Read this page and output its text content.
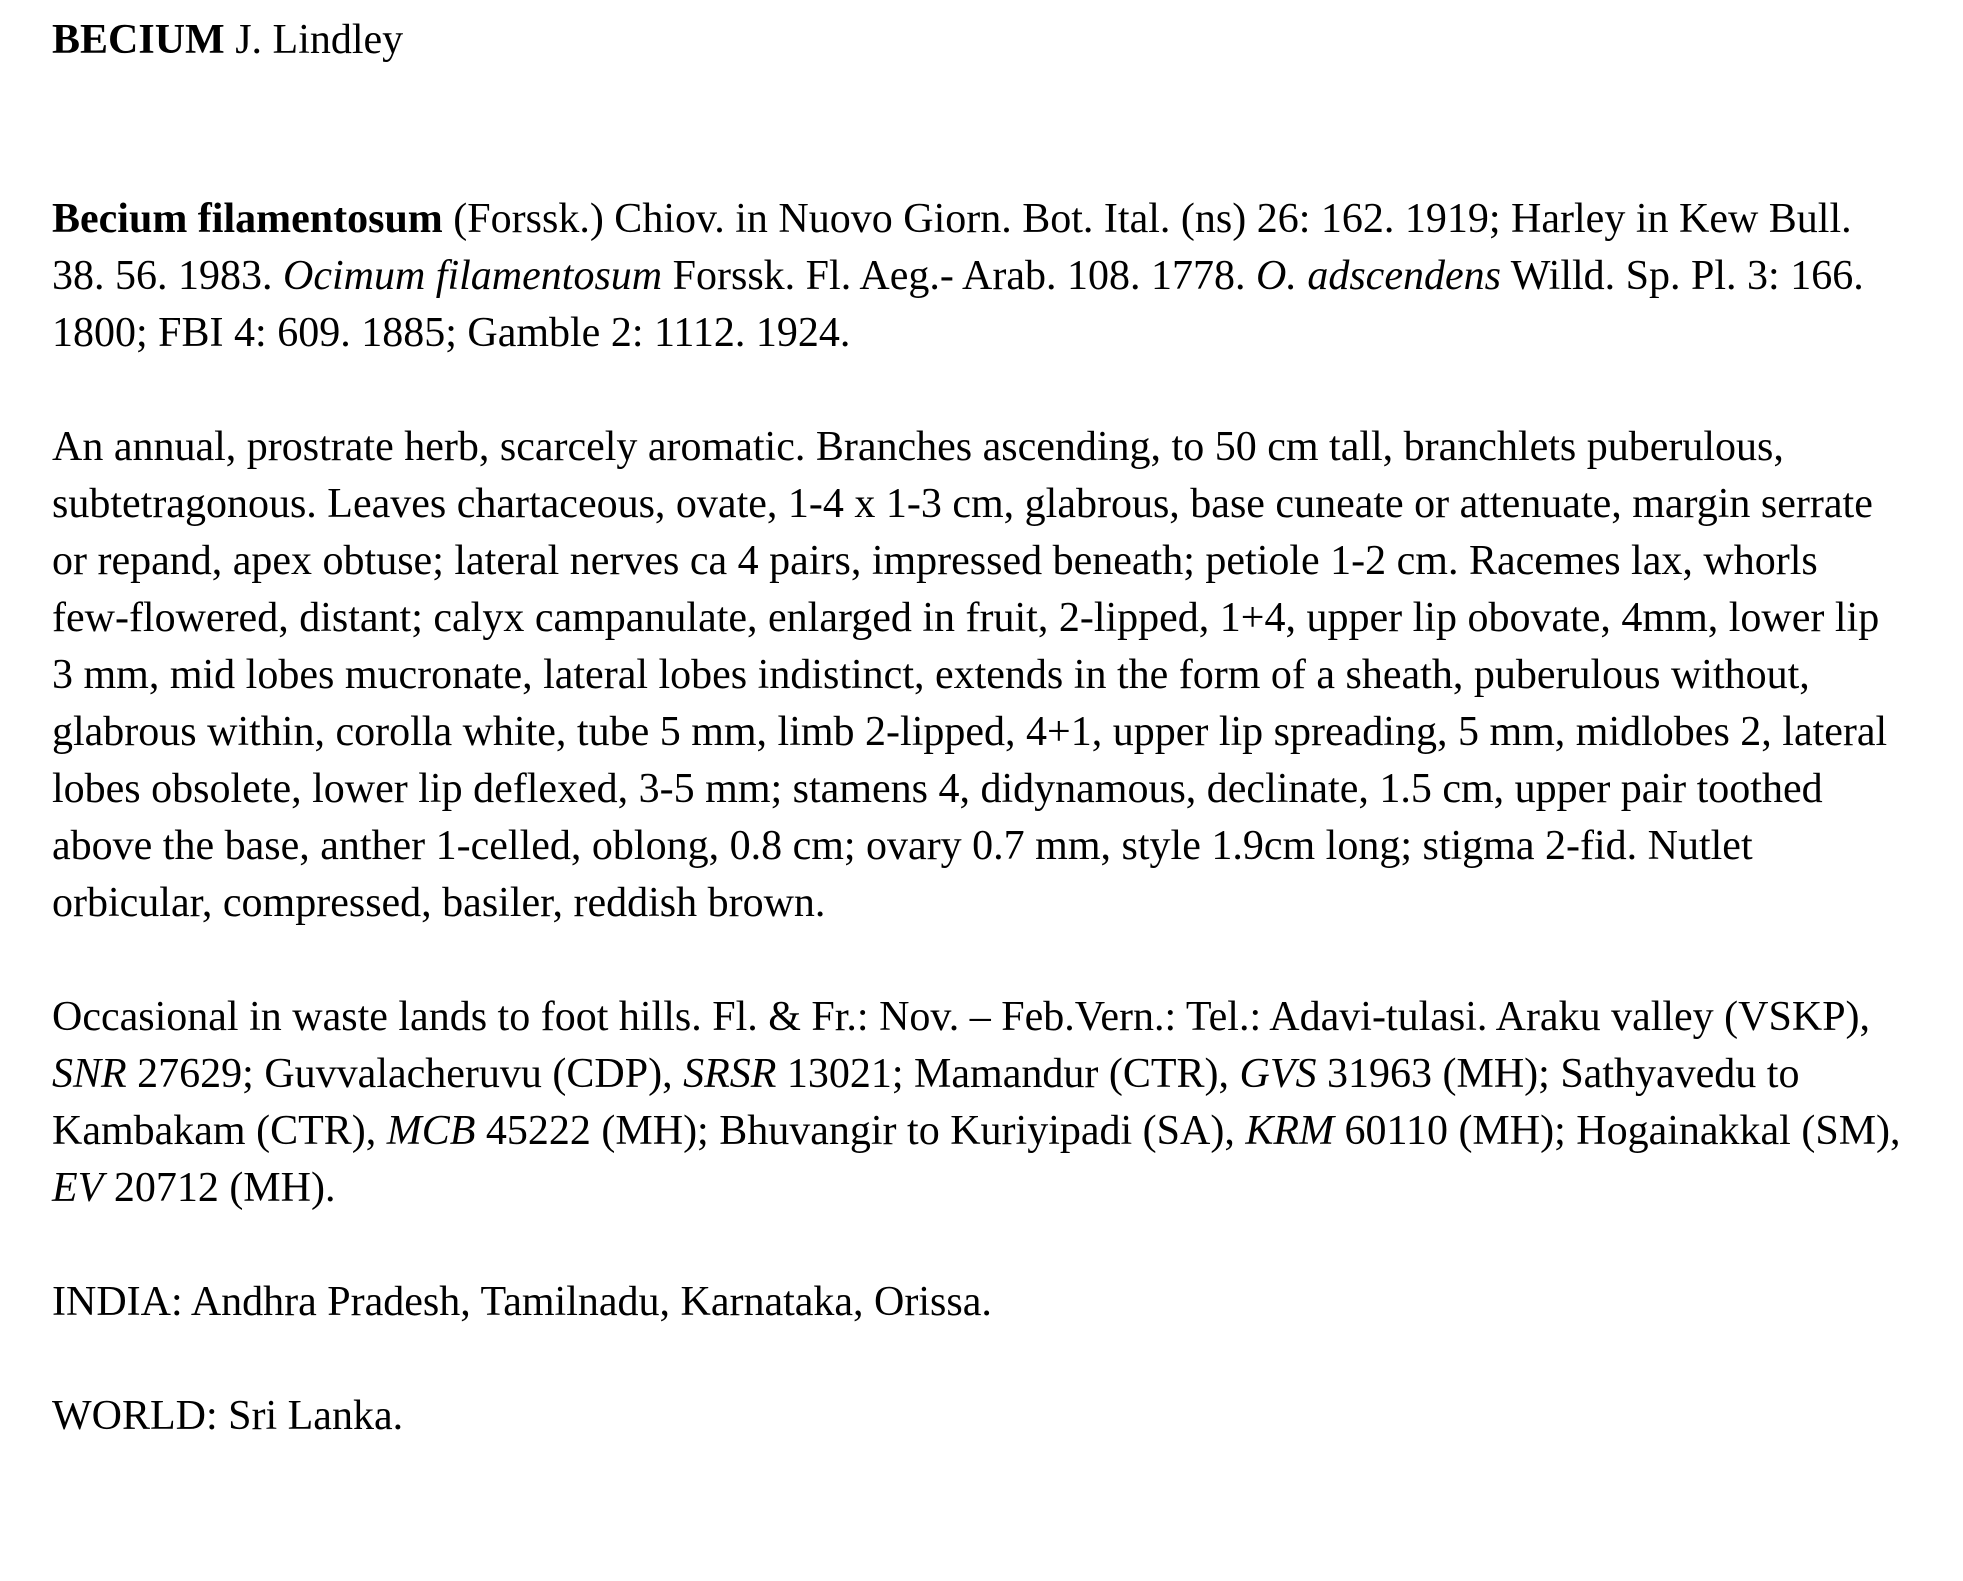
BECIUM J. Lindley

Becium filamentosum (Forssk.) Chiov. in Nuovo Giorn. Bot. Ital. (ns) 26: 162. 1919; Harley in Kew Bull. 38. 56. 1983. Ocimum filamentosum Forssk. Fl. Aeg.- Arab. 108. 1778. O. adscendens Willd. Sp. Pl. 3: 166. 1800; FBI 4: 609. 1885; Gamble 2: 1112. 1924.

An annual, prostrate herb, scarcely aromatic. Branches ascending, to 50 cm tall, branchlets puberulous, subtetragonous. Leaves chartaceous, ovate, 1-4 x 1-3 cm, glabrous, base cuneate or attenuate, margin serrate or repand, apex obtuse; lateral nerves ca 4 pairs, impressed beneath; petiole 1-2 cm. Racemes lax, whorls few-flowered, distant; calyx campanulate, enlarged in fruit, 2-lipped, 1+4, upper lip obovate, 4mm, lower lip 3 mm, mid lobes mucronate, lateral lobes indistinct, extends in the form of a sheath, puberulous without, glabrous within, corolla white, tube 5 mm, limb 2-lipped, 4+1, upper lip spreading, 5 mm, midlobes 2, lateral lobes obsolete, lower lip deflexed, 3-5 mm; stamens 4, didynamous, declinate, 1.5 cm, upper pair toothed above the base, anther 1-celled, oblong, 0.8 cm; ovary 0.7 mm, style 1.9cm long; stigma 2-fid. Nutlet orbicular, compressed, basiler, reddish brown.

Occasional in waste lands to foot hills. Fl. & Fr.: Nov. – Feb.Vern.: Tel.: Adavi-tulasi. Araku valley (VSKP), SNR 27629; Guvvalacheruvu (CDP), SRSR 13021; Mamandur (CTR), GVS 31963 (MH); Sathyavedu to Kambakam (CTR), MCB 45222 (MH); Bhuvangir to Kuriyipadi (SA), KRM 60110 (MH); Hogainakkal (SM), EV 20712 (MH).

INDIA: Andhra Pradesh, Tamilnadu, Karnataka, Orissa.

WORLD: Sri Lanka.
